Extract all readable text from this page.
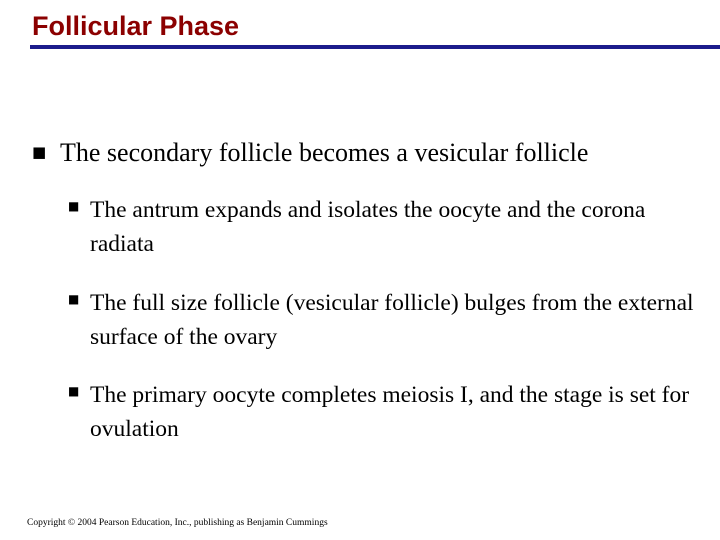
Follicular Phase
■ The secondary follicle becomes a vesicular follicle
■ The antrum expands and isolates the oocyte and the corona radiata
■ The full size follicle (vesicular follicle) bulges from the external surface of the ovary
■ The primary oocyte completes meiosis I, and the stage is set for ovulation
Copyright © 2004 Pearson Education, Inc., publishing as Benjamin Cummings
